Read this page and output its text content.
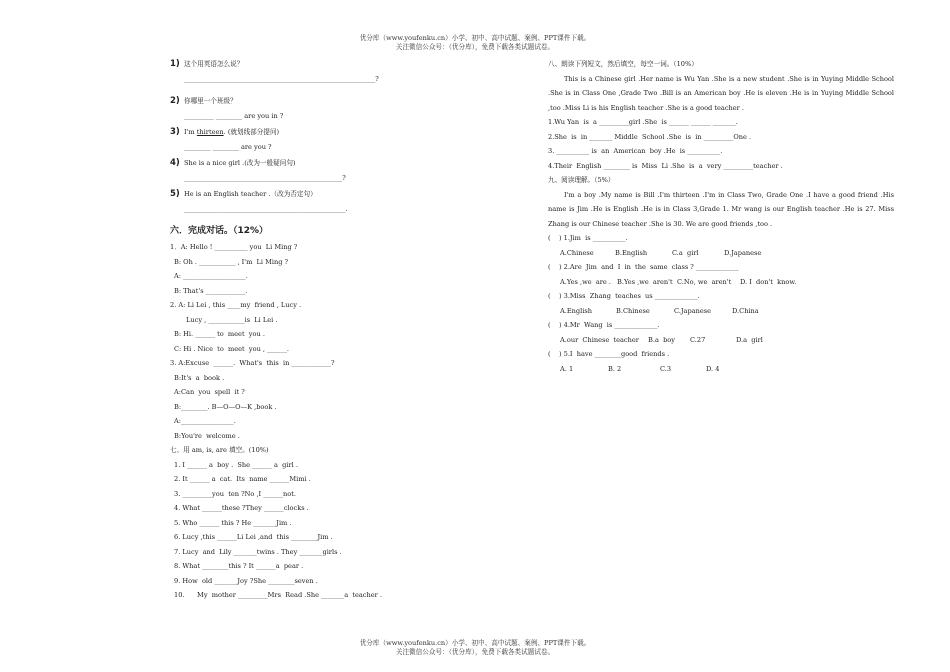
优分库（www.youfenku.cn）小学、初中、高中试题、案例、PPT课件下载。
关注微信公众号：（优分库），免费下载各类试题试卷。
1) 这个用英语怎么说？
__________________________________________________________?
2) 你哪里一个班级？
_________ ________ are you in ?
3) I'm thirteen. (就划线部分提问)
________ ________ are you ?
4) She is a nice girl .(改为一般疑问句)
________________________________________________?
5) He is an English teacher .（改为否定句）
_________________________________________________.
六．完成对话。（12%）
1．A: Hello ! __________ you  Li Ming ?
B: Oh . ___________ , I'm  Li Ming ?
A: ___________________.
B: That's ____________.
2. A: Li Lei , this ____my  friend , Lucy .
Lucy , ___________is  Li Lei .
B: Hi. ______ to  meet  you .
C: Hi . Nice  to  meet  you , ______.
3. A:Excuse  ______.  What's  this  in ____________?
B:It's  a  book .
A:Can  you  spell  it ?
B:________. B—O—O—K ,book .
A:________________.
B:You're  welcome .
七、用 am, is, are 填空。(10%)
1. I ______ a  boy .  She ______ a  girl .
2. It ______ a  cat.  Its  name ______Mimi .
3. _________you  ten ?No ,I ______not.
4. What ______these ?They ______clocks .
5. Who ______ this ? He _______Jim .
6. Lucy ,this ______Li Lei ,and  this ________Jim .
7. Lucy  and  Lily _______twins . They _______girls .
8. What ________this ? It ______a  pear .
9. How  old _______Joy ?She ________seven .
10.      My  mother _________Mrs  Read .She _______a  teacher .
八、朗读下列短文，然后填空，每空一词。（10%）
This is a Chinese girl .Her name is Wu Yan .She is a new student .She is in Yuying Middle School .She is in Class One ,Grade Two .Bill is an American boy .He is eleven .He is in Yuying Middle School ,too .Miss Li is his English teacher .She is a good teacher .
1.Wu Yan  is  a _________girl .She  is ______ ______ _______.
2.She  is  in _______ Middle  School .She  is  in _________One .
3. __________ is  an  American  boy .He  is __________.
4.Their  English ________ is  Miss  Li .She  is  a  very _________teacher .
九、阅读理解。（5%）
I'm a boy .My name is Bill .I'm thirteen .I'm in Class Two, Grade One .I have a good friend .His name is Jim .He is English .He is in Class 3,Grade 1. Mr wang is our English teacher .He is 27. Miss Zhang is our Chinese teacher .She is 30. We are good friends ,too .
(    ) 1.Jim  is __________.
A.Chinese	B.English	C.a  girl	D.Japanese
(    ) 2.Are  Jim  and  I  in  the  same  class ? _____________
A.Yes ,we  are . B.Yes ,we  aren't C.No, we  aren't	D. I  don't  know.
(    ) 3.Miss  Zhang  teaches  us _____________.
A.English	B.Chinese	C.Japanese	D.China
(    ) 4.Mr  Wang  is _____________.
A.our  Chinese  teacher	B.a  boy	C.27	D.a  girl
(    ) 5.I  have ________good  friends .
A. 1	B. 2	C.3	D. 4
优分库（www.youfenku.cn）小学、初中、高中试题、案例、PPT课件下载。
关注微信公众号：（优分库），免费下载各类试题试卷。
